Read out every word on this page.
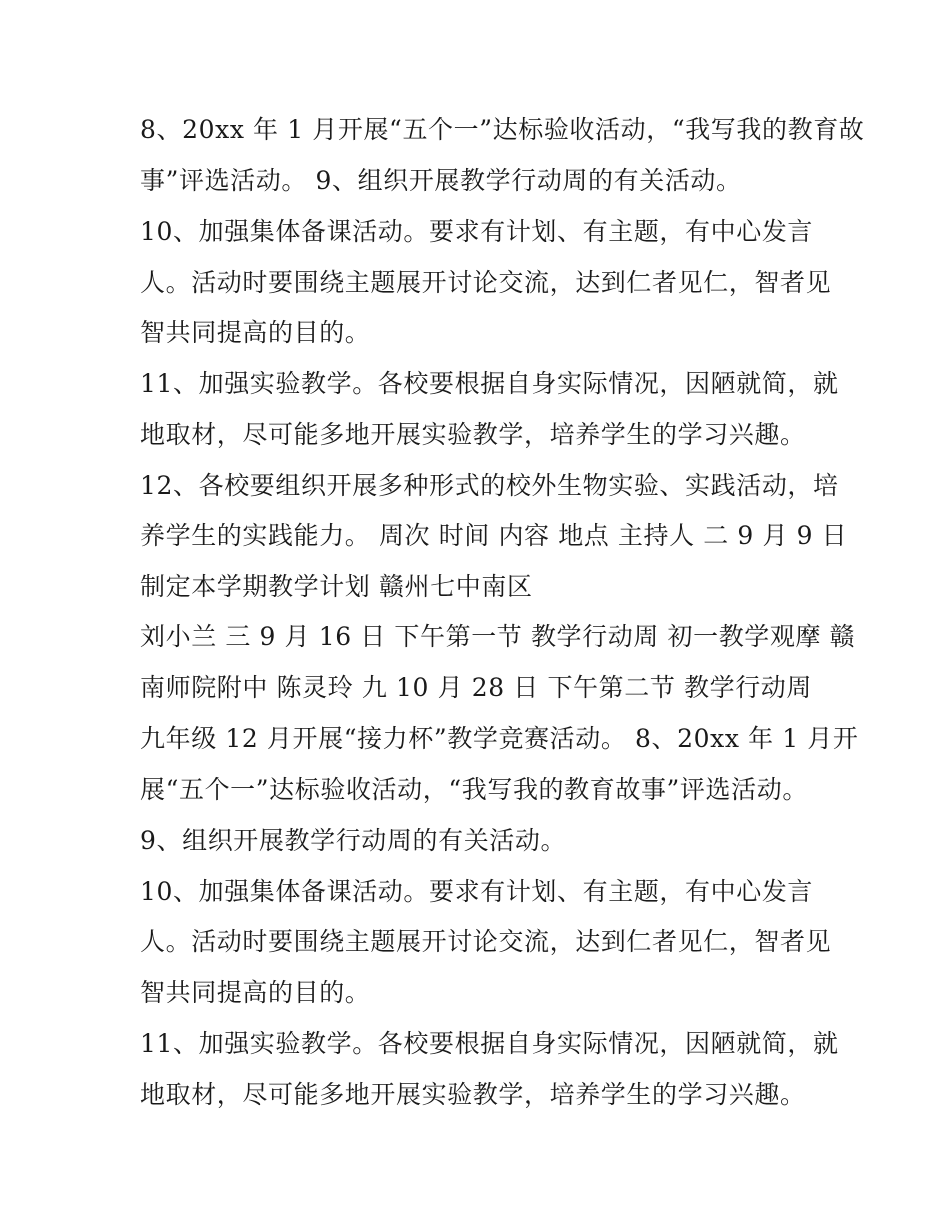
8、20xx 年 1 月开展“五个一”达标验收活动，“我写我的教育故

事”评选活动。 9、组织开展教学行动周的有关活动。

10、加强集体备课活动。要求有计划、有主题，有中心发言

人。活动时要围绕主题展开讨论交流，达到仁者见仁，智者见

智共同提高的目的。

11、加强实验教学。各校要根据自身实际情况，因陋就简，就

地取材，尽可能多地开展实验教学，培养学生的学习兴趣。

12、各校要组织开展多种形式的校外生物实验、实践活动，培

养学生的实践能力。 周次 时间 内容 地点 主持人 二 9 月 9 日

制定本学期教学计划 赣州七中南区

刘小兰 三 9 月 16 日 下午第一节 教学行动周 初一教学观摩 赣

南师院附中 陈灵玲 九 10 月 28 日 下午第二节 教学行动周

九年级 12 月开展“接力杯”教学竞赛活动。 8、20xx 年 1 月开

展“五个一”达标验收活动，“我写我的教育故事”评选活动。

9、组织开展教学行动周的有关活动。

10、加强集体备课活动。要求有计划、有主题，有中心发言

人。活动时要围绕主题展开讨论交流，达到仁者见仁，智者见

智共同提高的目的。

11、加强实验教学。各校要根据自身实际情况，因陋就简，就

地取材，尽可能多地开展实验教学，培养学生的学习兴趣。
